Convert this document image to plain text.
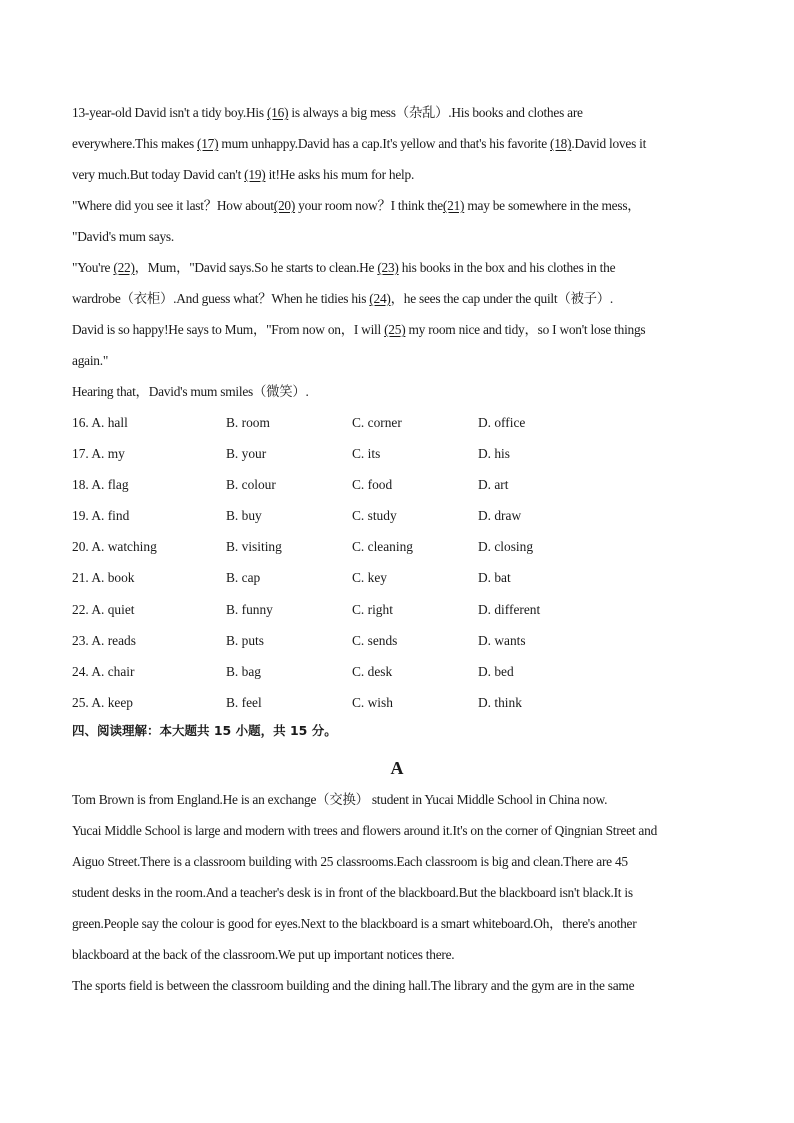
13-year-old David isn't a tidy boy.His (16) is always a big mess（杂乱）.His books and clothes are
everywhere.This makes (17) mum unhappy.David has a cap.It's yellow and that's his favorite (18).David loves it
very much.But today David can't (19) it!He asks his mum for help.
"Where did you see it last？How about(20) your room now？I think the(21) may be somewhere in the mess，
"David's mum says.
"You're (22)，Mum，"David says.So he starts to clean.He (23) his books in the box and his clothes in the
wardrobe（衣柜）.And guess what？When he tidies his (24)，he sees the cap under the quilt（被子）.
David is so happy!He says to Mum，"From now on，I will (25) my room nice and tidy，so I won't lose things
again."
Hearing that，David's mum smiles（微笑）.
16. A. hall	B. room	C. corner	D. office
17. A. my	B. your	C. its	D. his
18. A. flag	B. colour	C. food	D. art
19. A. find	B. buy	C. study	D. draw
20. A. watching	B. visiting	C. cleaning	D. closing
21. A. book	B. cap	C. key	D. bat
22. A. quiet	B. funny	C. right	D. different
23. A. reads	B. puts	C. sends	D. wants
24. A. chair	B. bag	C. desk	D. bed
25. A. keep	B. feel	C. wish	D. think
四、阅读理解：本大题共 15 小题，共 15 分。
A
Tom Brown is from England.He is an exchange（交换） student in Yucai Middle School in China now.
Yucai Middle School is large and modern with trees and flowers around it.It's on the corner of Qingnian Street and
Aiguo Street.There is a classroom building with 25 classrooms.Each classroom is big and clean.There are 45
student desks in the room.And a teacher's desk is in front of the blackboard.But the blackboard isn't black.It is
green.People say the colour is good for eyes.Next to the blackboard is a smart whiteboard.Oh，there's another
blackboard at the back of the classroom.We put up important notices there.
The sports field is between the classroom building and the dining hall.The library and the gym are in the same
